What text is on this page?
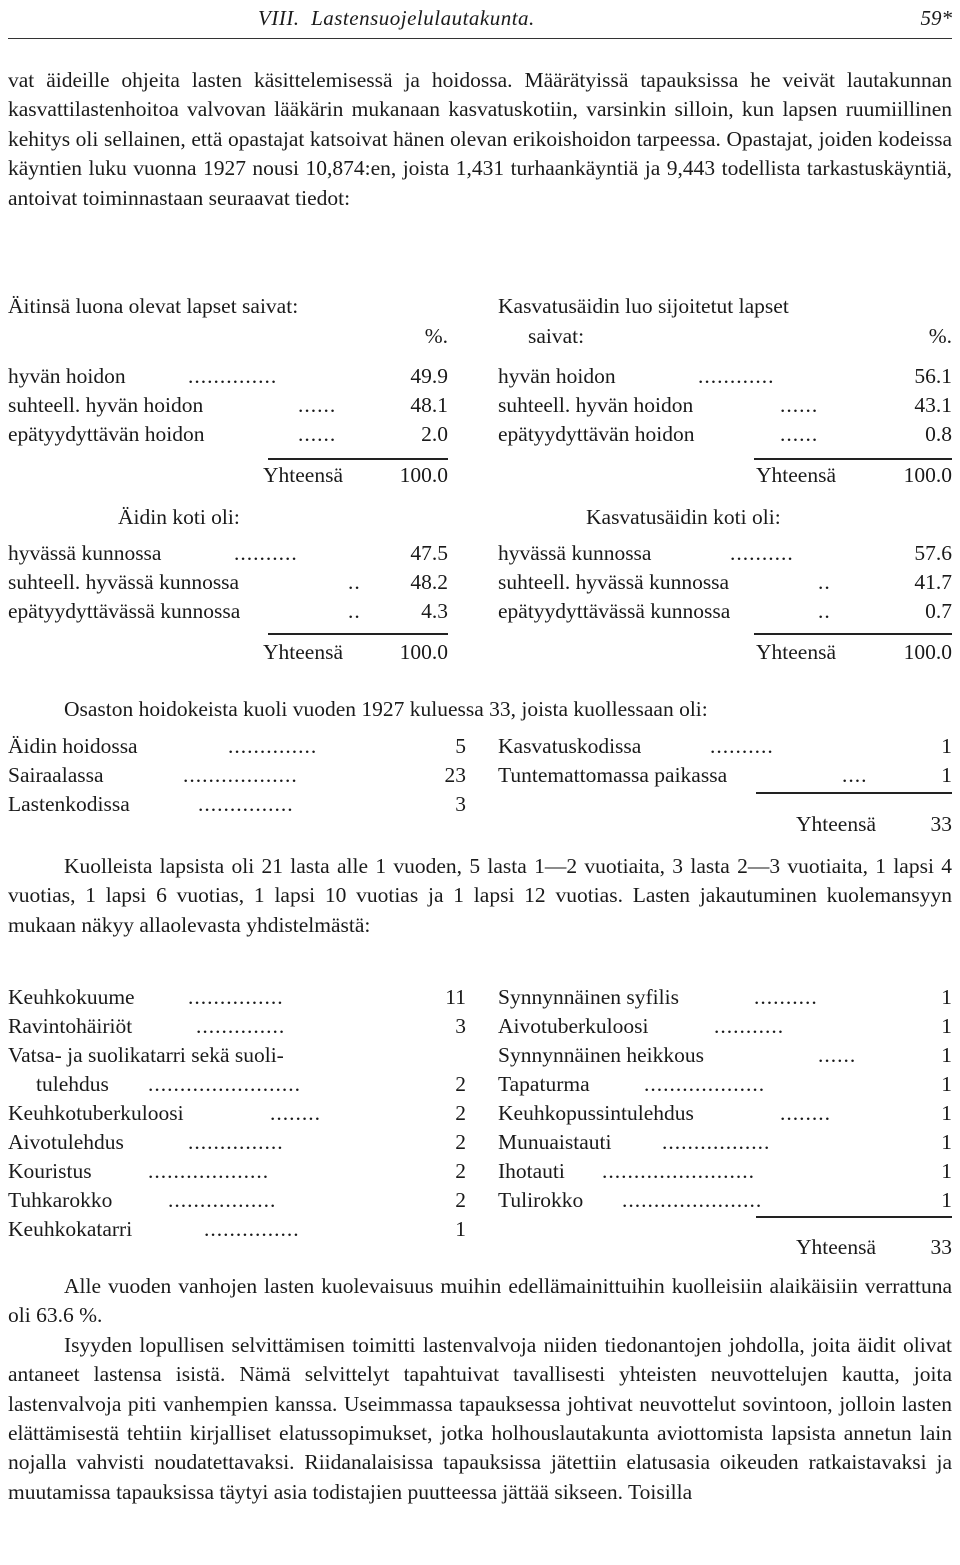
VIII. Lastensuojelulautakunta.	59*

vat äideille ohjeita lasten käsittelemisessä ja hoidossa. Määrätyissä tapauksissa he veivät lautakunnan kasvattilastenhoitoa valvovan lääkärin mukanaan kasvatuskotiin, varsinkin silloin, kun lapsen ruumiillinen kehitys oli sellainen, että opastajat katsoivat hänen olevan erikoishoidon tarpeessa. Opastajat, joiden kodeissa käyntien luku vuonna 1927 nousi 10,874:en, joista 1,431 turhaankäyntiä ja 9,443 todellista tarkastuskäyntiä, antoivat toiminnastaan seuraavat tiedot:

Äitinsä luona olevat lapset saivat:
%.
hyvän hoidon	..............	49.9
suhteell. hyvän hoidon	......	48.1
epätyydyttävän hoidon	......	2.0
Yhteensä	100.0
Äidin koti oli:
hyvässä kunnossa	..........	47.5
suhteell. hyvässä kunnossa	.. 48.2
epätyydyttävässä kunnossa	..	4.3
Yhteensä	100.0
Kasvatusäidin luo sijoitetut lapset
saivat:	%.
hyvän hoidon	............	56.1
suhteell. hyvän hoidon	......	43.1
epätyydyttävän hoidon	......	0.8
Yhteensä	100.0
Kasvatusäidin koti oli:
hyvässä kunnossa	..........	57.6
suhteell. hyvässä kunnossa	..	41.7
epätyydyttävässä kunnossa	..	0.7
Yhteensä	100.0
Osaston hoidokeista kuoli vuoden 1927 kuluessa 33, joista kuollessaan oli:
Äidin hoidossa	..............	5
Sairaalassa	..................	23
Lastenkodissa	...............	3
Kasvatuskodissa	..........	1
Tuntemattomassa paikassa	....	1
Yhteensä	33

Kuolleista lapsista oli 21 lasta alle 1 vuoden, 5 lasta 1—2 vuotiaita, 3 lasta 2—3 vuotiaita, 1 lapsi 4 vuotias, 1 lapsi 6 vuotias, 1 lapsi 10 vuotias ja 1 lapsi 12 vuotias. Lasten jakautuminen kuolemansyyn mukaan näkyy allaolevasta yhdistelmästä:

Keuhkokuume ...............	11
Ravintohäiriöt	..............	3
Vatsa- ja suolikatarri sekä suoli-
tulehdus ........................	2
Keuhkotuberkuloosi	........	2
Aivotulehdus	...............	2
Kouristus	...................	2
Tuhkarokko	.................	2
Keuhkokatarri	...............	1
Synnynnäinen syfilis	..........	1
Aivotuberkuloosi	...........	1
Synnynnäinen heikkous	......	1
Tapaturma	...................	1
Keuhkopussintulehdus	........	1
Munuaistauti .................	1
Ihotauti ........................	1
Tulirokko ......................	1
Yhteensä	33

Alle vuoden vanhojen lasten kuolevaisuus muihin edellämainittuihin kuolleisiin alaikäisiin verrattuna oli 63.6 %.

Isyyden lopullisen selvittämisen toimitti lastenvalvoja niiden tiedonantojen johdolla, joita äidit olivat antaneet lastensa isistä. Nämä selvittelyt tapahtuivat tavallisesti yhteisten neuvottelujen kautta, joita lastenvalvoja piti vanhempien kanssa. Useimmassa tapauksessa johtivat neuvottelut sovintoon, jolloin lasten elättämisestä tehtiin kirjalliset elatussopimukset, jotka holhouslautakunta aviottomista lapsista annetun lain nojalla vahvisti noudatettavaksi. Riidanalaisissa tapauksissa jätettiin elatusasia oikeuden ratkaistavaksi ja muutamissa tapauksissa täytyi asia todistajien puutteessa jättää sikseen. Toisilla
